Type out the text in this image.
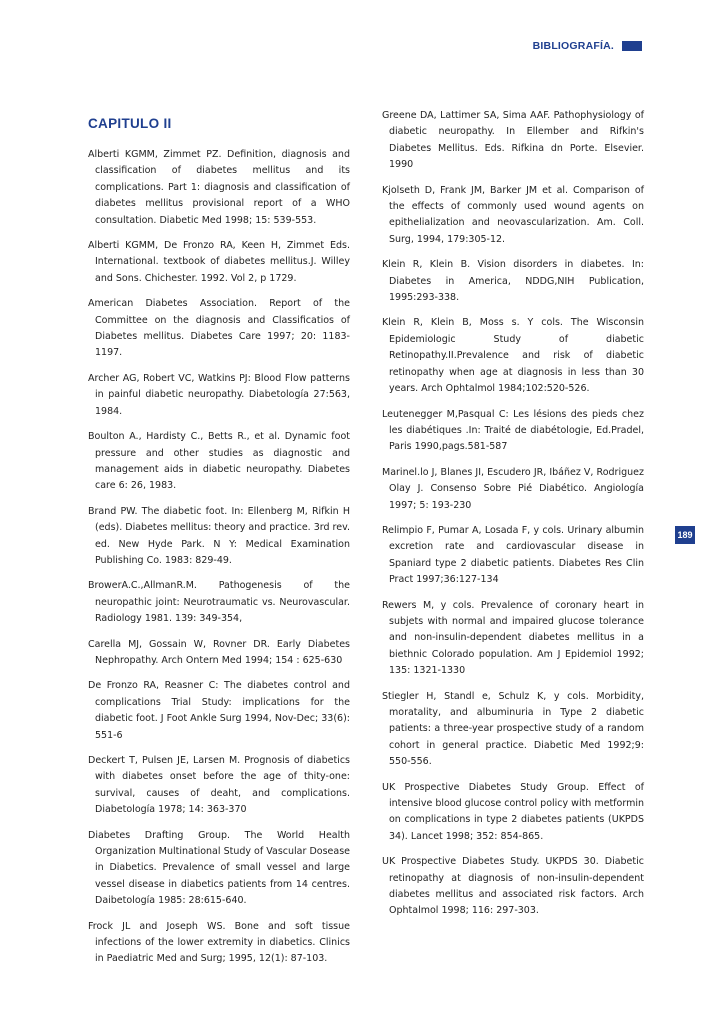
BIBLIOGRAFÍA.
CAPITULO II

Alberti KGMM, Zimmet PZ. Definition, diagnosis and classification of diabetes mellitus and its complications. Part 1: diagnosis and classification of diabetes mellitus provisional report of a WHO consultation. Diabetic Med 1998; 15: 539-553.

Alberti KGMM, De Fronzo RA, Keen H, Zimmet Eds. International. textbook of diabetes mellitus.J. Willey and Sons. Chichester. 1992. Vol 2, p 1729.

American Diabetes Association. Report of the Committee on the diagnosis and Classificatios of Diabetes mellitus. Diabetes Care 1997; 20: 1183-1197.

Archer AG, Robert VC, Watkins PJ: Blood Flow patterns in painful diabetic neuropathy. Diabetología 27:563, 1984.

Boulton A., Hardisty C., Betts R., et al. Dynamic foot pressure and other studies as diagnostic and management aids in diabetic neuropathy. Diabetes care 6: 26, 1983.

Brand PW. The diabetic foot. In: Ellenberg M, Rifkin H (eds). Diabetes mellitus: theory and practice. 3rd rev. ed. New Hyde Park. N Y: Medical Examination Publishing Co. 1983: 829-49.

BrowerA.C.,AllmanR.M. Pathogenesis of the neuropathic joint: Neurotraumatic vs. Neurovascular. Radiology 1981. 139: 349-354,

Carella MJ, Gossain W, Rovner DR. Early Diabetes Nephropathy. Arch Ontern Med 1994; 154 : 625-630

De Fronzo RA, Reasner C: The diabetes control and complications Trial Study: implications for the diabetic foot. J Foot Ankle Surg 1994, Nov-Dec; 33(6): 551-6

Deckert T, Pulsen JE, Larsen M. Prognosis of diabetics with diabetes onset before the age of thity-one: survival, causes of deaht, and complications. Diabetología 1978; 14: 363-370

Diabetes Drafting Group. The World Health Organization Multinational Study of Vascular Dosease in Diabetics. Prevalence of small vessel and large vessel disease in diabetics patients from 14 centres. Daibetología 1985: 28:615-640.

Frock JL and Joseph WS. Bone and soft tissue infections of the lower extremity in diabetics. Clinics in Paediatric Med and Surg; 1995, 12(1): 87-103.

Greene DA, Lattimer SA, Sima AAF. Pathophysiology of diabetic neuropathy. In Ellember and Rifkin's Diabetes Mellitus. Eds. Rifkina dn Porte. Elsevier. 1990

Kjolseth D, Frank JM, Barker JM et al. Comparison of the effects of commonly used wound agents on epithelialization and neovascularization. Am. Coll. Surg, 1994, 179:305-12.

Klein R, Klein B. Vision disorders in diabetes. In: Diabetes in America, NDDG,NIH Publication, 1995:293-338.

Klein R, Klein B, Moss s. Y cols. The Wisconsin Epidemiologic Study of diabetic Retinopathy.II.Prevalence and risk of diabetic retinopathy when age at diagnosis in less than 30 years. Arch Ophtalmol 1984;102:520-526.

Leutenegger M,Pasqual C: Les lésions des pieds chez les diabétiques .In: Traité de diabétologie, Ed.Pradel, Paris 1990,pags.581-587

Marinel.lo J, Blanes JI, Escudero JR, Ibáñez V, Rodriguez Olay J. Consenso Sobre Pié Diabético. Angiología 1997; 5: 193-230

Relimpio F, Pumar A, Losada F, y cols. Urinary albumin excretion rate and cardiovascular disease in Spaniard type 2 diabetic patients. Diabetes Res Clin Pract 1997;36:127-134

Rewers M, y cols. Prevalence of coronary heart in subjets with normal and impaired glucose tolerance and non-insulin-dependent diabetes mellitus in a biethnic Colorado population. Am J Epidemiol 1992; 135: 1321-1330

Stiegler H, Standl e, Schulz K, y cols. Morbidity, moratality, and albuminuria in Type 2 diabetic patients: a three-year prospective study of a random cohort in general practice. Diabetic Med 1992;9: 550-556.

UK Prospective Diabetes Study Group. Effect of intensive blood glucose control policy with metformin on complications in type 2 diabetes patients (UKPDS 34). Lancet 1998; 352: 854-865.

UK Prospective Diabetes Study. UKPDS 30. Diabetic retinopathy at diagnosis of non-insulin-dependent diabetes mellitus and associated risk factors. Arch Ophtalmol 1998; 116: 297-303.

189
